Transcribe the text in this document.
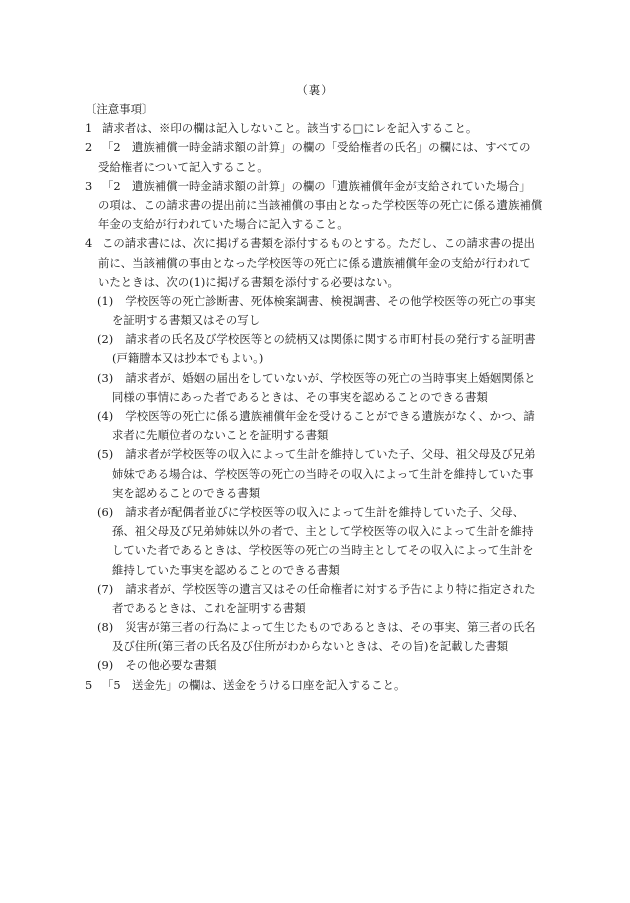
（裏）
〔注意事項〕
1 請求者は、※印の欄は記入しないこと。該当する□にレを記入すること。
2 「2　遺族補償一時金請求額の計算」の欄の「受給権者の氏名」の欄には、すべての
受給権者について記入すること。
3 「2　遺族補償一時金請求額の計算」の欄の「遺族補償年金が支給されていた場合」
の項は、この請求書の提出前に当該補償の事由となった学校医等の死亡に係る遺族補償
年金の支給が行われていた場合に記入すること。
4 この請求書には、次に掲げる書類を添付するものとする。ただし、この請求書の提出
前に、当該補償の事由となった学校医等の死亡に係る遺族補償年金の支給が行われて
いたときは、次の(1)に掲げる書類を添付する必要はない。
(1)　 学校医等の死亡診断書、死体検案調書、検視調書、その他学校医等の死亡の事実
を証明する書類又はその写し
(2)　 請求者の氏名及び学校医等との続柄又は関係に関する市町村長の発行する証明書
(戸籍謄本又は抄本でもよい。)
(3)　 請求者が、婚姻の届出をしていないが、学校医等の死亡の当時事実上婚姻関係と
同様の事情にあった者であるときは、その事実を認めることのできる書類
(4)　 学校医等の死亡に係る遺族補償年金を受けることができる遺族がなく、かつ、請
求者に先順位者のないことを証明する書類
(5)　 請求者が学校医等の収入によって生計を維持していた子、父母、祖父母及び兄弟
姉妹である場合は、学校医等の死亡の当時その収入によって生計を維持していた事
実を認めることのできる書類
(6)　 請求者が配偶者並びに学校医等の収入によって生計を維持していた子、父母、
孫、祖父母及び兄弟姉妹以外の者で、主として学校医等の収入によって生計を維持
していた者であるときは、学校医等の死亡の当時主としてその収入によって生計を
維持していた事実を認めることのできる書類
(7)　 請求者が、学校医等の遺言又はその任命権者に対する予告により特に指定された
者であるときは、これを証明する書類
(8)　 災害が第三者の行為によって生じたものであるときは、その事実、第三者の氏名
及び住所(第三者の氏名及び住所がわからないときは、その旨)を記載した書類
(9)　 その他必要な書類
5 「5　送金先」の欄は、送金をうける口座を記入すること。
